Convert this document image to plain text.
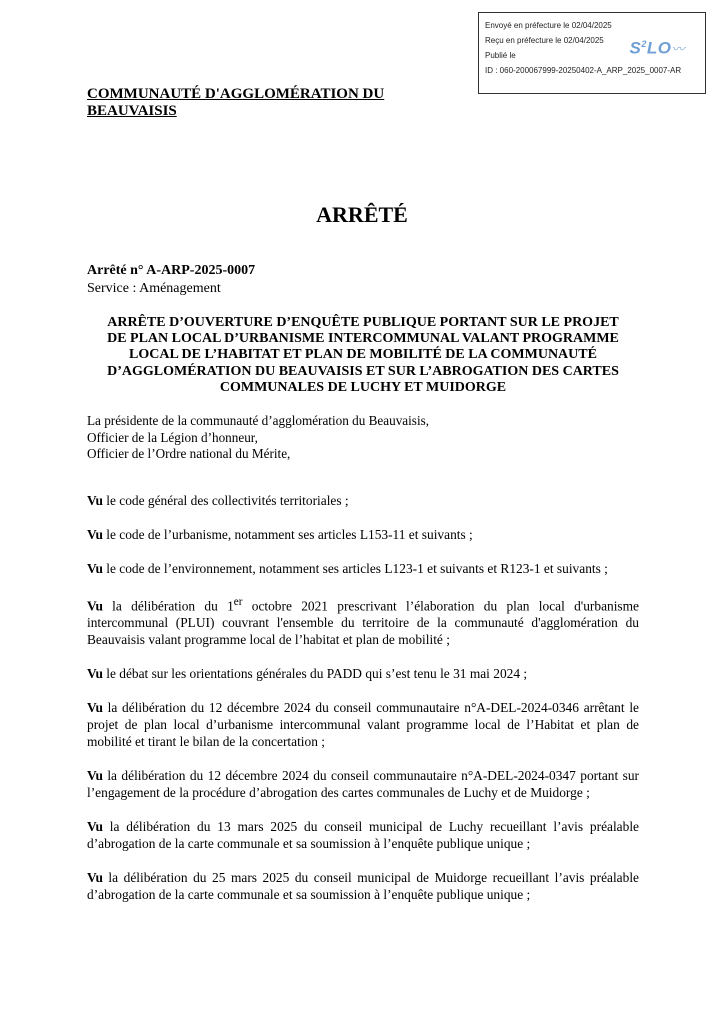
Envoyé en préfecture le 02/04/2025
Reçu en préfecture le 02/04/2025
Publié le
ID : 060-200067999-20250402-A_ARP_2025_0007-AR
$S^2LO$〰
COMMUNAUTÉ D'AGGLOMÉRATION DU
BEAUVAISIS
ARRÊTÉ
Arrêté n° A-ARP-2025-0007
Service : Aménagement
ARRÊTE D’OUVERTURE D’ENQUÊTE PUBLIQUE PORTANT SUR LE PROJET
DE PLAN LOCAL D’URBANISME INTERCOMMUNAL VALANT PROGRAMME
LOCAL DE L’HABITAT ET PLAN DE MOBILITÉ DE LA COMMUNAUTÉ
D’AGGLOMÉRATION DU BEAUVAISIS ET SUR L’ABROGATION DES CARTES
COMMUNALES DE LUCHY ET MUIDORGE
La présidente de la communauté d’agglomération du Beauvaisis,
Officier de la Légion d’honneur,
Officier de l’Ordre national du Mérite,

Vu le code général des collectivités territoriales ;

Vu le code de l’urbanisme, notamment ses articles L153-11 et suivants ;

Vu le code de l’environnement, notamment ses articles L123-1 et suivants et R123-1 et suivants ;

Vu la délibération du 1er octobre 2021 prescrivant l’élaboration du plan local d'urbanisme intercommunal (PLUI) couvrant l'ensemble du territoire de la communauté d'agglomération du Beauvaisis valant programme local de l’habitat et plan de mobilité ;

Vu le débat sur les orientations générales du PADD qui s’est tenu le 31 mai 2024 ;

Vu la délibération du 12 décembre 2024 du conseil communautaire n°A-DEL-2024-0346 arrêtant le projet de plan local d’urbanisme intercommunal valant programme local de l’Habitat et plan de mobilité et tirant le bilan de la concertation ;

Vu la délibération du 12 décembre 2024 du conseil communautaire n°A-DEL-2024-0347 portant sur l’engagement de la procédure d’abrogation des cartes communales de Luchy et de Muidorge ;

Vu la délibération du 13 mars 2025 du conseil municipal de Luchy recueillant l’avis préalable d’abrogation de la carte communale et sa soumission à l’enquête publique unique ;

Vu la délibération du 25 mars 2025 du conseil municipal de Muidorge recueillant l’avis préalable d’abrogation de la carte communale et sa soumission à l’enquête publique unique ;
